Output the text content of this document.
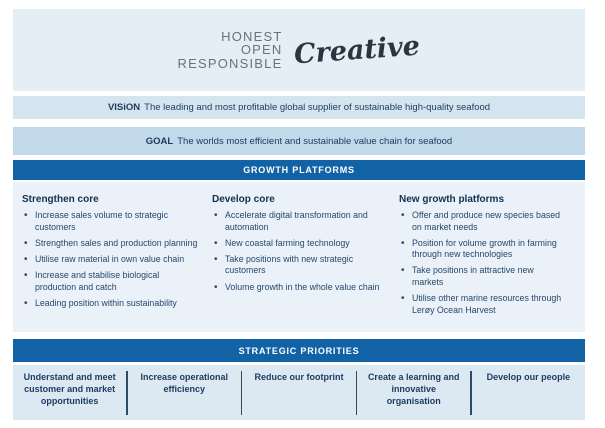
HONEST
OPEN
RESPONSIBLE Creative
VISiON The leading and most profitable global supplier of sustainable high-quality seafood
GOAL The worlds most efficient and sustainable value chain for seafood
GROWTH PLATFORMS
Strengthen core
• Increase sales volume to strategic customers
• Strengthen sales and production planning
• Utilise raw material in own value chain
• Increase and stabilise biological production and catch
• Leading position within sustainability
Develop core
• Accelerate digital transformation and automation
• New coastal farming technology
• Take positions with new strategic customers
• Volume growth in the whole value chain
New growth platforms
• Offer and produce new species based on market needs
• Position for volume growth in farming through new technologies
• Take positions in attractive new markets
• Utilise other marine resources through Lerøy Ocean Harvest
STRATEGIC PRIORITIES
Understand and meet customer and market opportunities
Increase operational efficiency
Reduce our footprint	Create a learning and innovative organisation
Develop our people
